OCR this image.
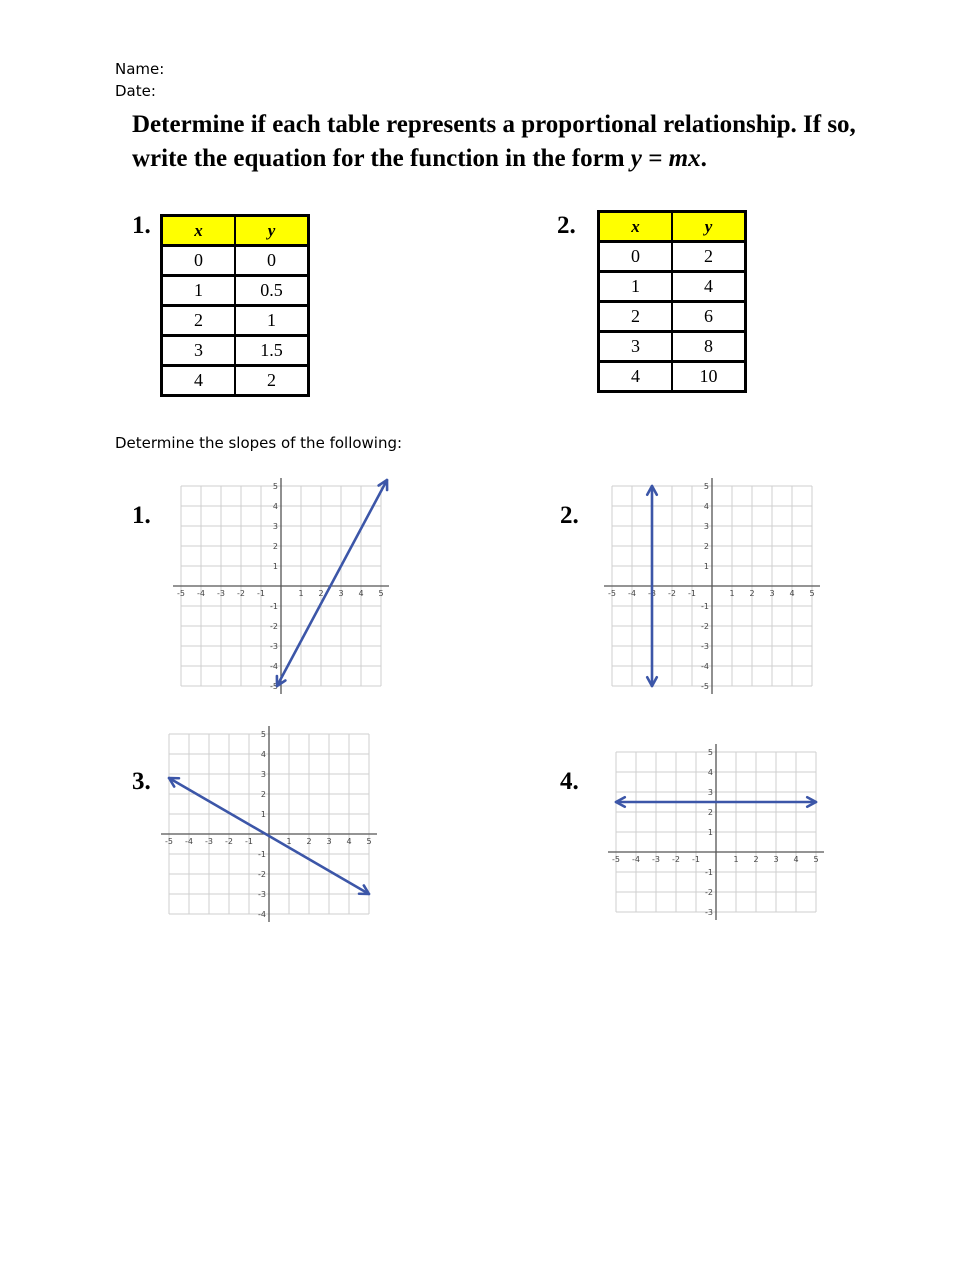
Name:
Date:
Determine if each table represents a proportional relationship. If so, write the equation for the function in the form y = mx.
1.	x	y
0	0
1	0.5
2	1
3	1.5
4	2
2.	x	y
0	2
1	4
2	6
3	8
4	10
Determine the slopes of the following:
1.
-5 -4 -3 -2 -1	1 2 3 4 5
-5
-4
-3
-2
-1
1
2
3
4
5
2.
-5 -4 -3 -2 -1	1 2 3 4 5
-5
-4
-3
-2
-1
1
2
3
4
5
3.
-5 -4 -3 -2 -1	1 2 3 4 5
-4
-3
-2
-1
1
2
3
4
5
4.
-5 -4 -3 -2 -1	1 2 3 4 5
-3
-2
-1
1
2
3
4
5
